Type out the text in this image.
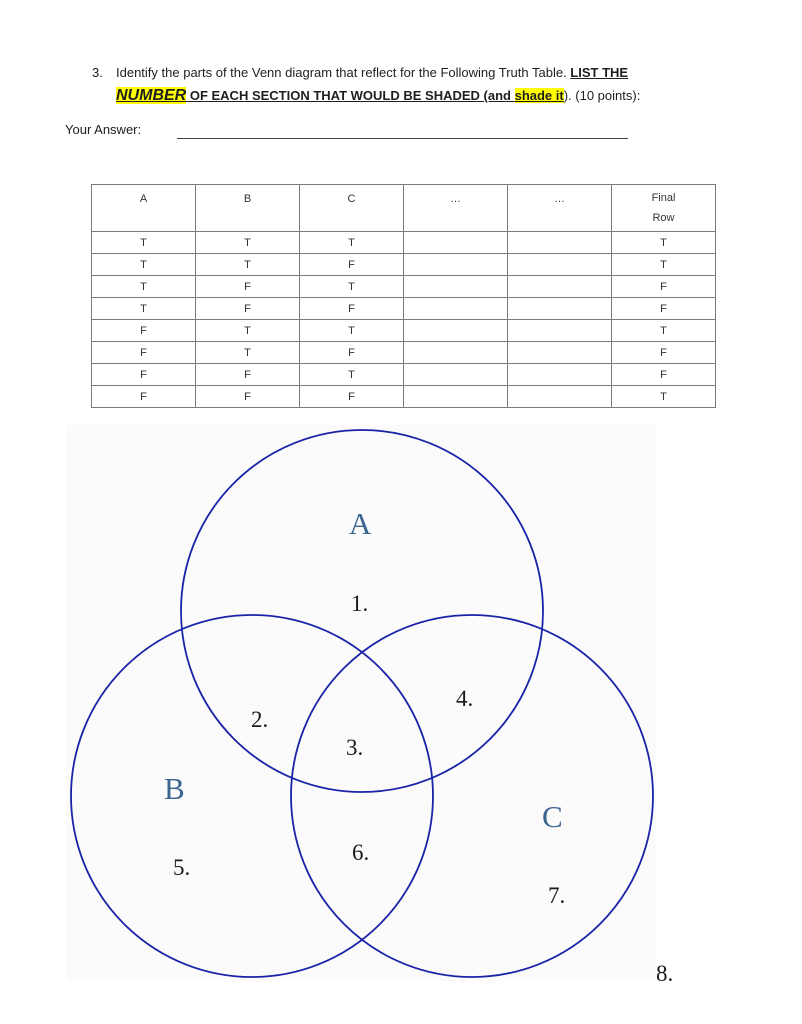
3. Identify the parts of the Venn diagram that reflect for the Following Truth Table. LIST THE
NUMBER OF EACH SECTION THAT WOULD BE SHADED (and shade it). (10 points):
Your Answer:
A	B	C	…	…	Final
Row
T	T	T			T
T	T	F			T
T	F	T			F
T	F	F			F
F	T	T			T
F	T	F			F
F	F	T			F
F	F	F			T
A
B
C
1.
2.
3.
4.
5.
6.
7.
8.
